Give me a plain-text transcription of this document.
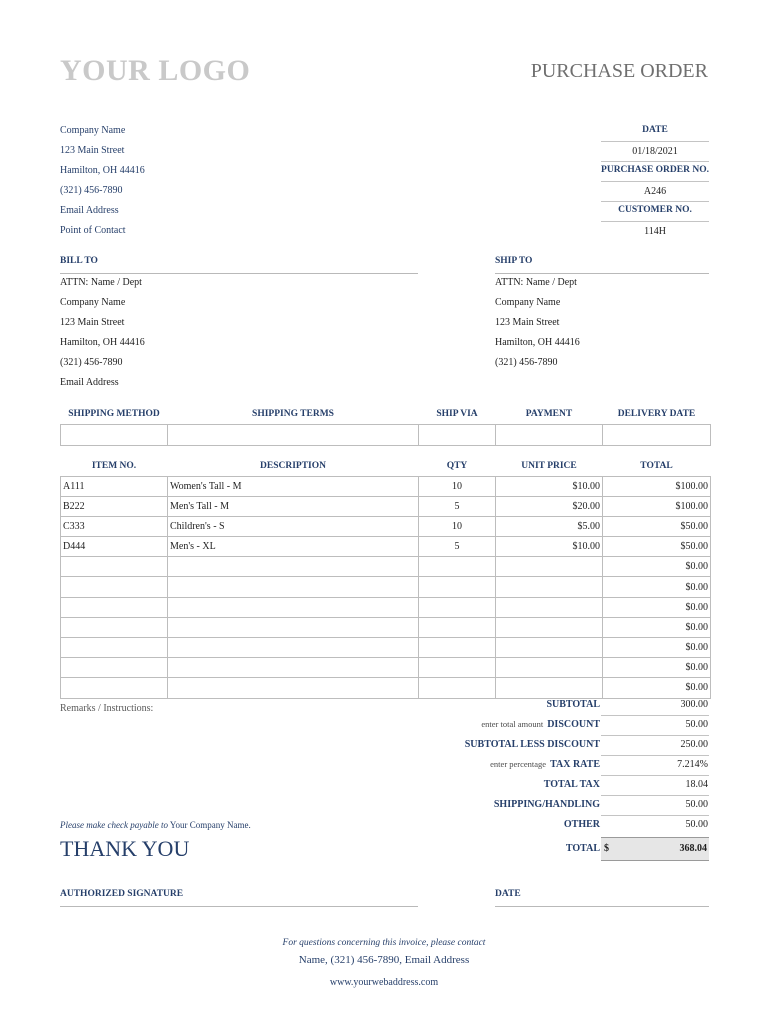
YOUR LOGO	PURCHASE ORDER
Company Name
123 Main Street
Hamilton, OH 44416
(321) 456-7890
Email Address
Point of Contact
DATE
01/18/2021
PURCHASE ORDER NO.
A246
CUSTOMER NO.
114H
BILL TO
ATTN: Name / Dept
Company Name
123 Main Street
Hamilton, OH 44416
(321) 456-7890
Email Address
SHIP TO
ATTN: Name / Dept
Company Name
123 Main Street
Hamilton, OH 44416
(321) 456-7890
SHIPPING METHOD	SHIPPING TERMS	SHIP VIA	PAYMENT	DELIVERY DATE

ITEM NO.	DESCRIPTION	QTY	UNIT PRICE	TOTAL
A111	Women's Tall - M	10	$10.00	$100.00
B222	Men's Tall - M	5	$20.00	$100.00
C333	Children's - S	10	$5.00	$50.00
D444	Men's - XL	5	$10.00	$50.00
				$0.00
				$0.00
				$0.00
				$0.00
				$0.00
				$0.00
				$0.00
Remarks / Instructions:	SUBTOTAL	300.00
enter total amount DISCOUNT	50.00
SUBTOTAL LESS DISCOUNT	250.00
enter percentage TAX RATE	7.214%
TOTAL TAX	18.04
SHIPPING/HANDLING	50.00
OTHER	50.00
TOTAL $	368.04
Please make check payable to Your Company Name.
THANK YOU
AUTHORIZED SIGNATURE	DATE
For questions concerning this invoice, please contact
Name, (321) 456-7890, Email Address
www.yourwebaddress.com
